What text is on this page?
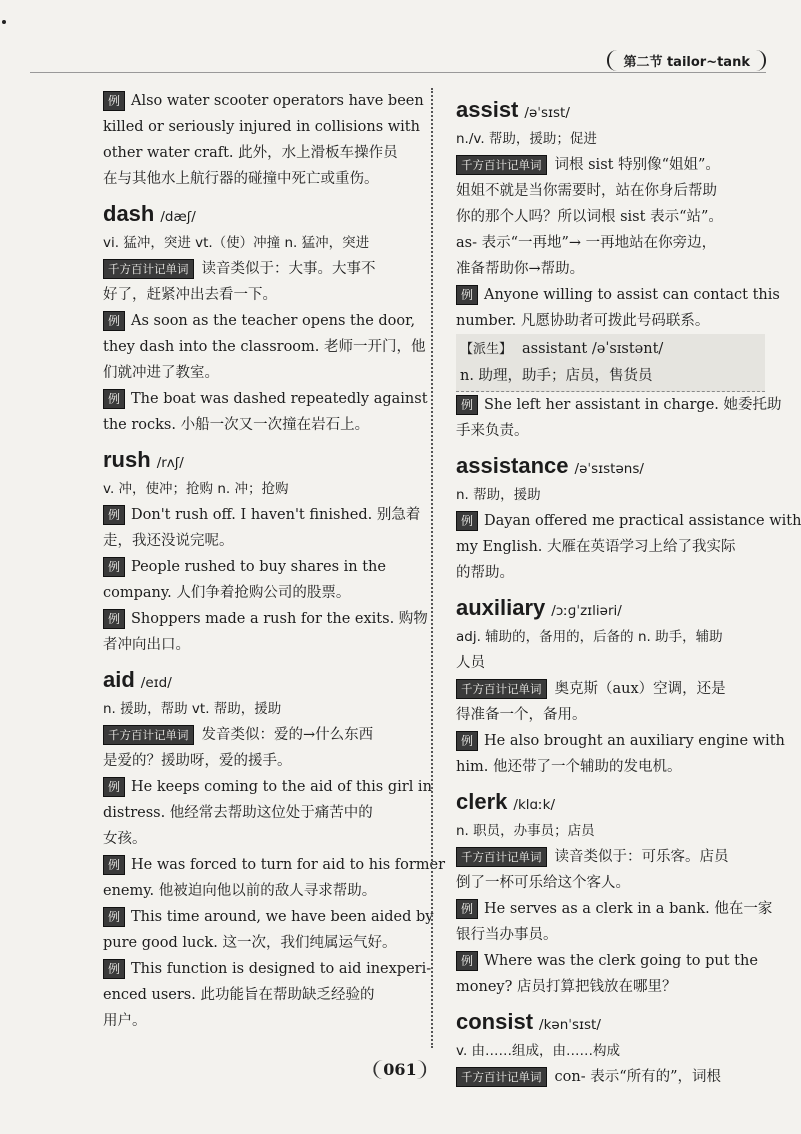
第二节 tailor~tank
例 Also water scooter operators have been
killed or seriously injured in collisions with
other water craft. 此外，水上滑板车操作员
在与其他水上航行器的碰撞中死亡或重伤。
dash /dæʃ/
vi. 猛冲，突进 vt.（使）冲撞 n. 猛冲，突进
千方百计记单词 读音类似于：大事。大事不
好了，赶紧冲出去看一下。
例 As soon as the teacher opens the door,
they dash into the classroom. 老师一开门，他
们就冲进了教室。
例 The boat was dashed repeatedly against
the rocks. 小船一次又一次撞在岩石上。
rush /rʌʃ/
v. 冲，使冲；抢购 n. 冲；抢购
例 Don't rush off. I haven't finished. 别急着
走，我还没说完呢。
例 People rushed to buy shares in the
company. 人们争着抢购公司的股票。
例 Shoppers made a rush for the exits. 购物
者冲向出口。
aid /eɪd/
n. 援助，帮助 vt. 帮助，援助
千方百计记单词 发音类似：爱的→什么东西
是爱的？援助呀，爱的援手。
例 He keeps coming to the aid of this girl in
distress. 他经常去帮助这位处于痛苦中的
女孩。
例 He was forced to turn for aid to his former
enemy. 他被迫向他以前的敌人寻求帮助。
例 This time around, we have been aided by
pure good luck. 这一次，我们纯属运气好。
例 This function is designed to aid inexperi-
enced users. 此功能旨在帮助缺乏经验的
用户。
assist /əˈsɪst/
n./v. 帮助，援助；促进
千方百计记单词 词根 sist 特别像“姐姐”。
姐姐不就是当你需要时，站在你身后帮助
你的那个人吗？所以词根 sist 表示“站”。
as- 表示“一再地”→ 一再地站在你旁边，
准备帮助你→帮助。
例 Anyone willing to assist can contact this
number. 凡愿协助者可拨此号码联系。
【派生】 assistant /əˈsɪstənt/
n. 助理，助手；店员，售货员
例 She left her assistant in charge. 她委托助
手来负责。
assistance /əˈsɪstəns/
n. 帮助，援助
例 Dayan offered me practical assistance with
my English. 大雁在英语学习上给了我实际
的帮助。
auxiliary /ɔːɡˈzɪliəri/
adj. 辅助的，备用的，后备的 n. 助手，辅助
人员
千方百计记单词 奥克斯（aux）空调，还是
得准备一个，备用。
例 He also brought an auxiliary engine with
him. 他还带了一个辅助的发电机。
clerk /klɑːk/
n. 职员，办事员；店员
千方百计记单词 读音类似于：可乐客。店员
倒了一杯可乐给这个客人。
例 He serves as a clerk in a bank. 他在一家
银行当办事员。
例 Where was the clerk going to put the
money? 店员打算把钱放在哪里？
consist /kənˈsɪst/
v. 由……组成，由……构成
千方百计记单词 con- 表示“所有的”，词根
061
